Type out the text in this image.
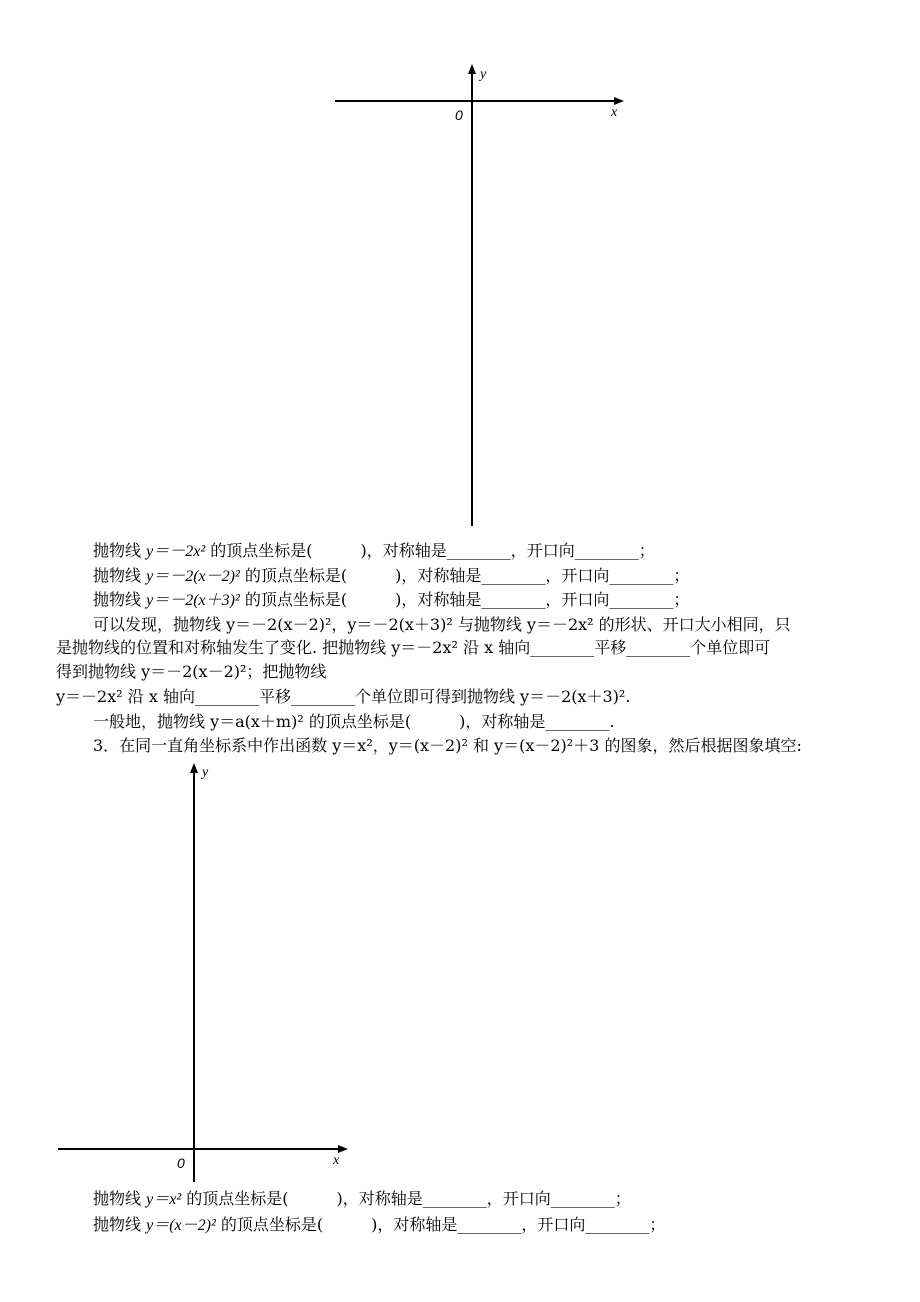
y
x
0
y
x
0
抛物线 y＝－2x² 的顶点坐标是(　　　)，对称轴是________，开口向________；
抛物线 y＝－2(x－2)² 的顶点坐标是(　　　)，对称轴是________，开口向________；
抛物线 y＝－2(x＋3)² 的顶点坐标是(　　　)，对称轴是________，开口向________；
可以发现，抛物线 y＝－2(x－2)²，y＝－2(x＋3)² 与抛物线 y＝－2x² 的形状、开口大小相同，只
是抛物线的位置和对称轴发生了变化. 把抛物线 y＝－2x² 沿 x 轴向________平移________个单位即可
得到抛物线 y＝－2(x－2)²；把抛物线
y＝－2x² 沿 x 轴向________平移________个单位即可得到抛物线 y＝－2(x＋3)².
一般地，抛物线 y＝a(x＋m)² 的顶点坐标是(　　　)，对称轴是________.
3．在同一直角坐标系中作出函数 y＝x²，y＝(x－2)² 和 y＝(x－2)²＋3 的图象，然后根据图象填空:
抛物线 y＝x² 的顶点坐标是(　　　)，对称轴是________，开口向________；
抛物线 y＝(x－2)² 的顶点坐标是(　　　)，对称轴是________，开口向________；
